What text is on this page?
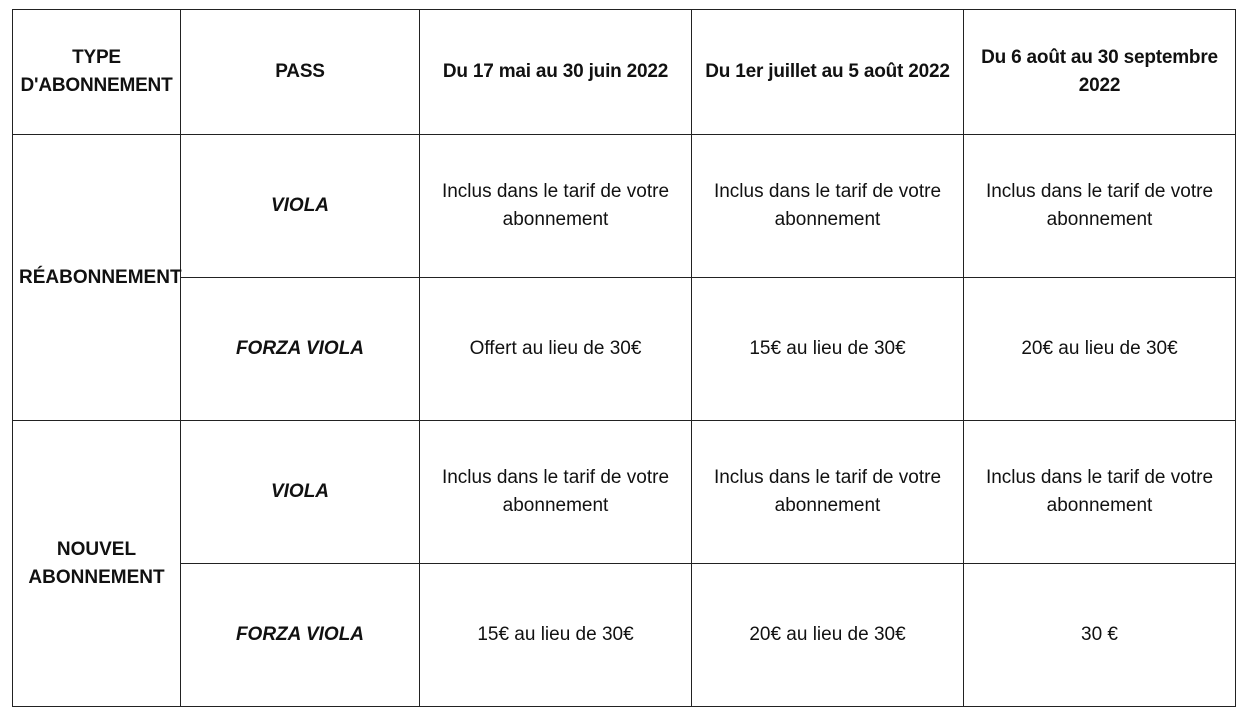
TYPE D'ABONNEMENT	PASS	Du 17 mai au 30 juin 2022	Du 1er juillet au 5 août 2022	Du 6 août au 30 septembre 2022
RÉABONNEMENT	VIOLA	Inclus dans le tarif de votre abonnement	Inclus dans le tarif de votre abonnement	Inclus dans le tarif de votre abonnement
	FORZA VIOLA	Offert au lieu de 30€	15€ au lieu de 30€	20€ au lieu de 30€
NOUVEL ABONNEMENT	VIOLA	Inclus dans le tarif de votre abonnement	Inclus dans le tarif de votre abonnement	Inclus dans le tarif de votre abonnement
	FORZA VIOLA	15€ au lieu de 30€	20€ au lieu de 30€	30 €
